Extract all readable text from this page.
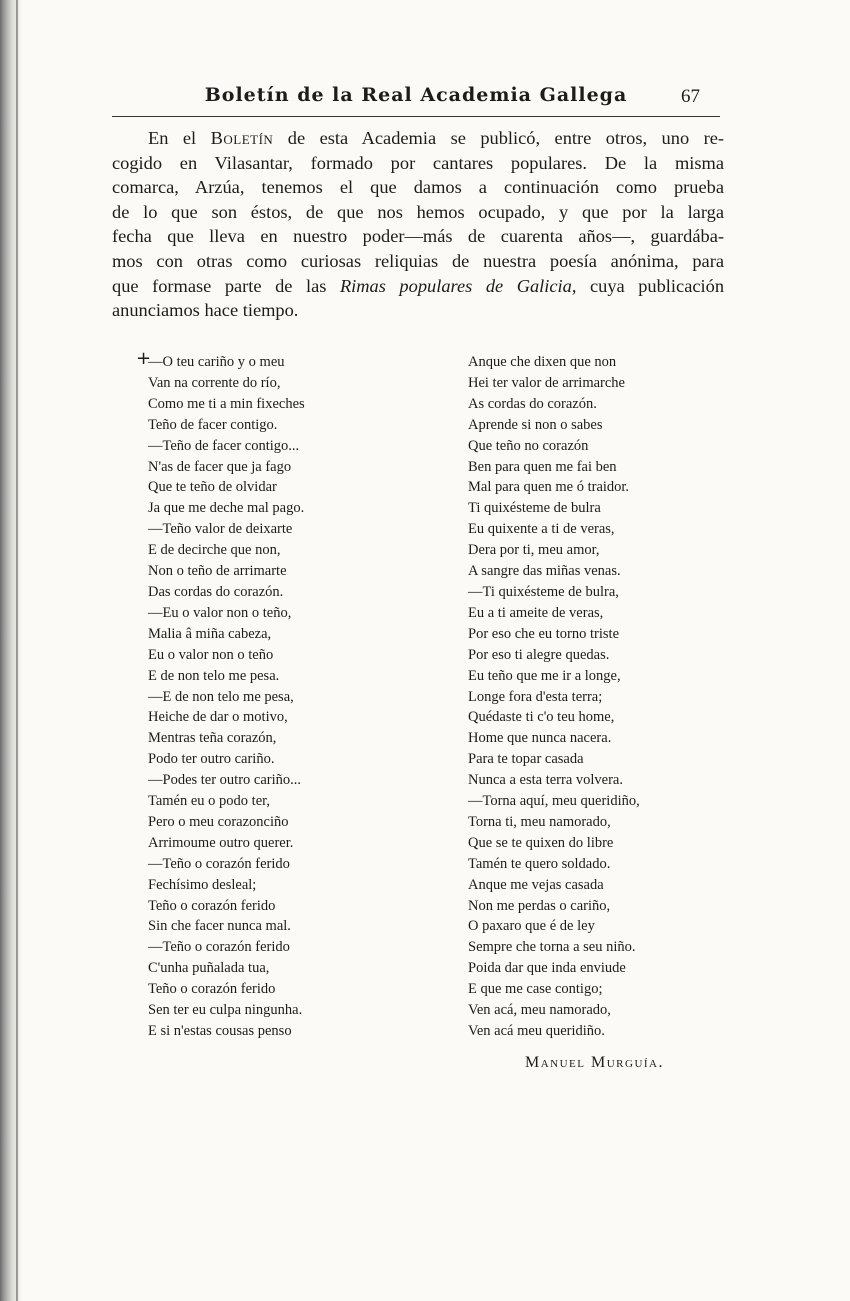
Boletín de la Real Academia Gallega	67
En el Boletín de esta Academia se publicó, entre otros, uno re-
cogido en Vilasantar, formado por cantares populares. De la misma
comarca, Arzúa, tenemos el que damos a continuación como prueba
de lo que son éstos, de que nos hemos ocupado, y que por la larga
fecha que lleva en nuestro poder—más de cuarenta años—, guardába-
mos con otras como curiosas reliquias de nuestra poesía anónima, para
que formase parte de las Rimas populares de Galicia, cuya publicación
anunciamos hace tiempo.
+
—O teu cariño y o meu
Van na corrente do río,
Como me ti a min fixeches
Teño de facer contigo.
—Teño de facer contigo...
N'as de facer que ja fago
Que te teño de olvidar
Ja que me deche mal pago.
—Teño valor de deixarte
E de decirche que non,
Non o teño de arrimarte
Das cordas do corazón.
—Eu o valor non o teño,
Malia â miña cabeza,
Eu o valor non o teño
E de non telo me pesa.
—E de non telo me pesa,
Heiche de dar o motivo,
Mentras teña corazón,
Podo ter outro cariño.
—Podes ter outro cariño...
Tamén eu o podo ter,
Pero o meu corazonciño
Arrimoume outro querer.
—Teño o corazón ferido
Fechísimo desleal;
Teño o corazón ferido
Sin che facer nunca mal.
—Teño o corazón ferido
C'unha puñalada tua,
Teño o corazón ferido
Sen ter eu culpa ningunha.
E si n'estas cousas penso
Anque che dixen que non
Hei ter valor de arrimarche
As cordas do corazón.
Aprende si non o sabes
Que teño no corazón
Ben para quen me fai ben
Mal para quen me ó traidor.
Ti quixésteme de bulra
Eu quixente a ti de veras,
Dera por ti, meu amor,
A sangre das miñas venas.
—Ti quixésteme de bulra,
Eu a ti ameite de veras,
Por eso che eu torno triste
Por eso ti alegre quedas.
Eu teño que me ir a longe,
Longe fora d'esta terra;
Quédaste ti c'o teu home,
Home que nunca nacera.
Para te topar casada
Nunca a esta terra volvera.
—Torna aquí, meu queridiño,
Torna ti, meu namorado,
Que se te quixen do libre
Tamén te quero soldado.
Anque me vejas casada
Non me perdas o cariño,
O paxaro que é de ley
Sempre che torna a seu niño.
Poida dar que inda enviude
E que me case contigo;
Ven acá, meu namorado,
Ven acá meu queridiño.
Manuel Murguía.
